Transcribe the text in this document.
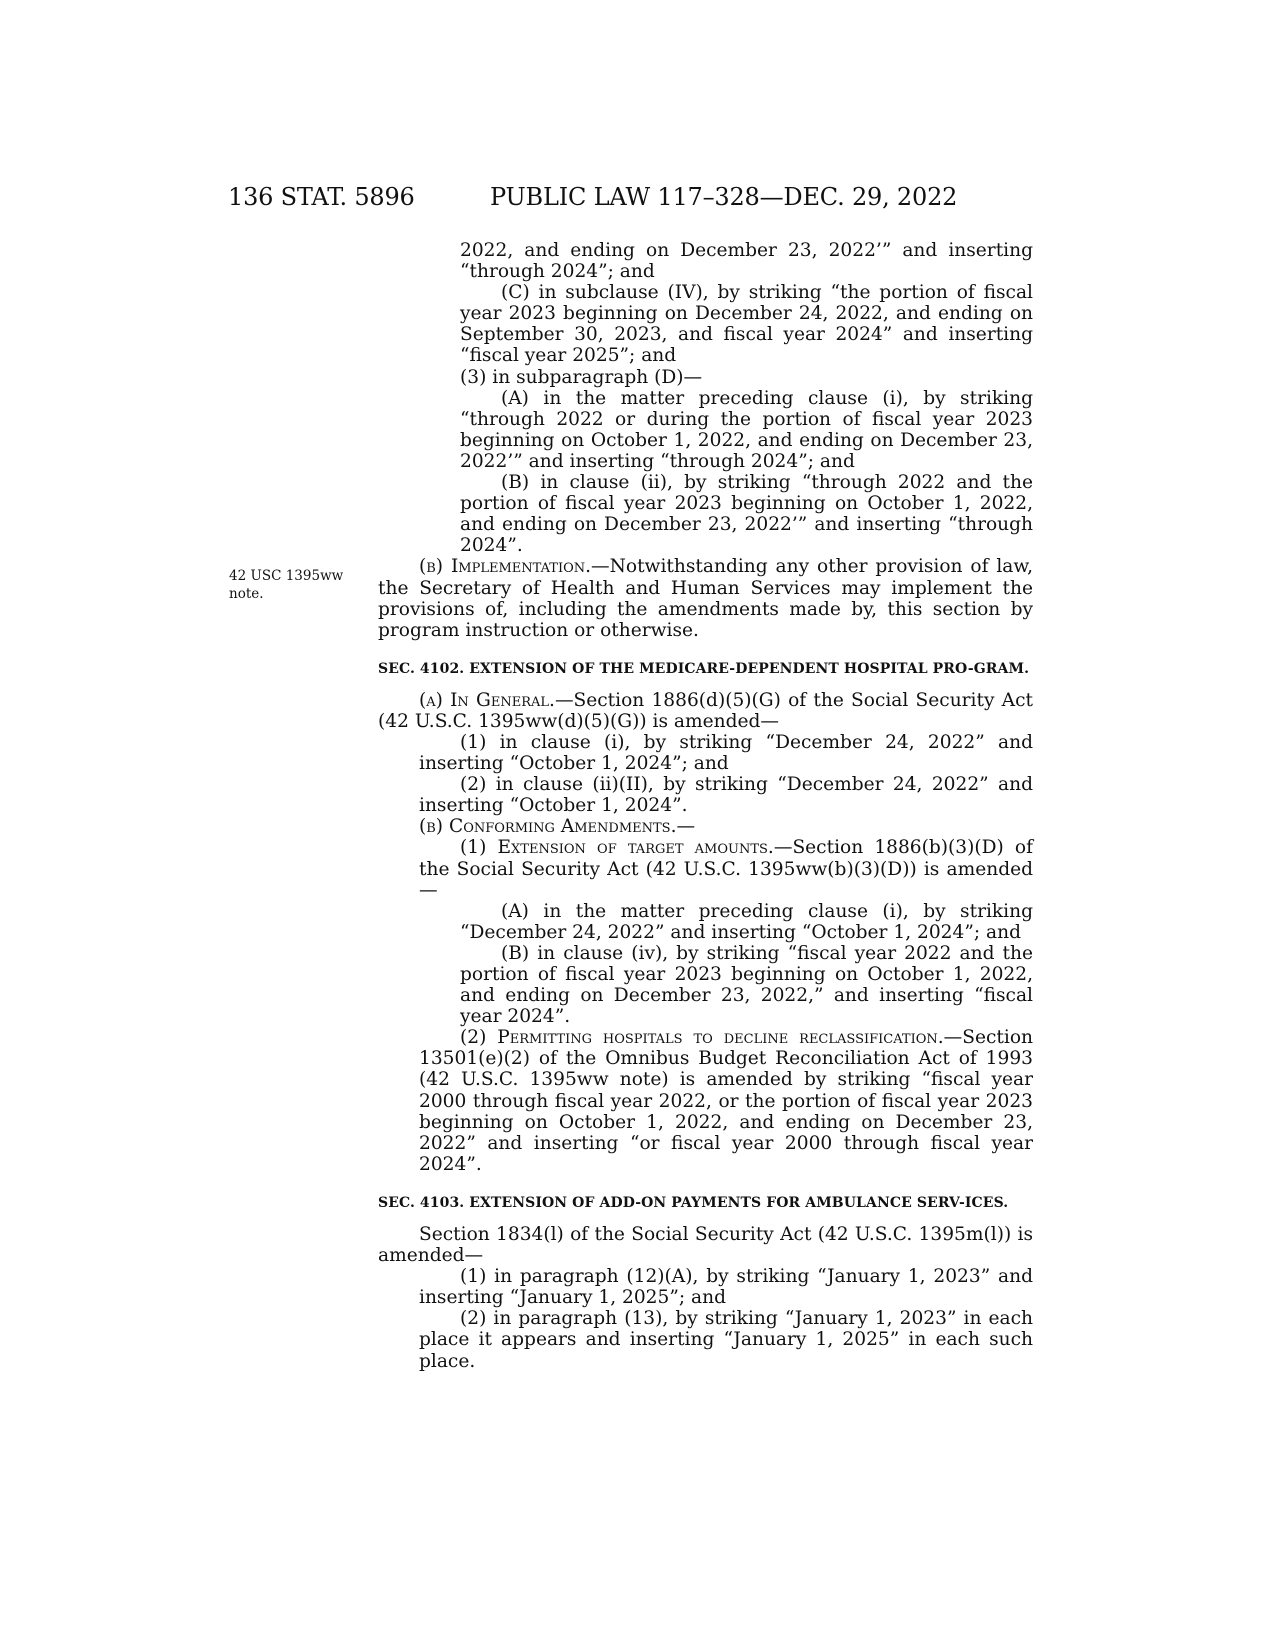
136 STAT. 5896	PUBLIC LAW 117–328—DEC. 29, 2022
42 USC 1395ww
note.

2022, and ending on December 23, 2022’” and inserting “through 2024”; and

(C) in subclause (IV), by striking “the portion of fiscal year 2023 beginning on December 24, 2022, and ending on September 30, 2023, and fiscal year 2024” and inserting “fiscal year 2025”; and

(3) in subparagraph (D)—

(A) in the matter preceding clause (i), by striking “through 2022 or during the portion of fiscal year 2023 beginning on October 1, 2022, and ending on December 23, 2022’” and inserting “through 2024”; and

(B) in clause (ii), by striking “through 2022 and the portion of fiscal year 2023 beginning on October 1, 2022, and ending on December 23, 2022’” and inserting “through 2024”.

(b) Implementation.—Notwithstanding any other provision of law, the Secretary of Health and Human Services may implement the provisions of, including the amendments made by, this section by program instruction or otherwise.

SEC. 4102. EXTENSION OF THE MEDICARE-DEPENDENT HOSPITAL PRO-GRAM.

(a) In General.—Section 1886(d)(5)(G) of the Social Security Act (42 U.S.C. 1395ww(d)(5)(G)) is amended—

(1) in clause (i), by striking “December 24, 2022” and inserting “October 1, 2024”; and

(2) in clause (ii)(II), by striking “December 24, 2022” and inserting “October 1, 2024”.

(b) Conforming Amendments.—

(1) Extension of target amounts.—Section 1886(b)(3)(D) of the Social Security Act (42 U.S.C. 1395ww(b)(3)(D)) is amended—

(A) in the matter preceding clause (i), by striking “December 24, 2022” and inserting “October 1, 2024”; and

(B) in clause (iv), by striking “fiscal year 2022 and the portion of fiscal year 2023 beginning on October 1, 2022, and ending on December 23, 2022,” and inserting “fiscal year 2024”.

(2) Permitting hospitals to decline reclassification.—Section 13501(e)(2) of the Omnibus Budget Reconciliation Act of 1993 (42 U.S.C. 1395ww note) is amended by striking “fiscal year 2000 through fiscal year 2022, or the portion of fiscal year 2023 beginning on October 1, 2022, and ending on December 23, 2022” and inserting “or fiscal year 2000 through fiscal year 2024”.

SEC. 4103. EXTENSION OF ADD-ON PAYMENTS FOR AMBULANCE SERV-ICES.

Section 1834(l) of the Social Security Act (42 U.S.C. 1395m(l)) is amended—

(1) in paragraph (12)(A), by striking “January 1, 2023” and inserting “January 1, 2025”; and

(2) in paragraph (13), by striking “January 1, 2023” in each place it appears and inserting “January 1, 2025” in each such place.
